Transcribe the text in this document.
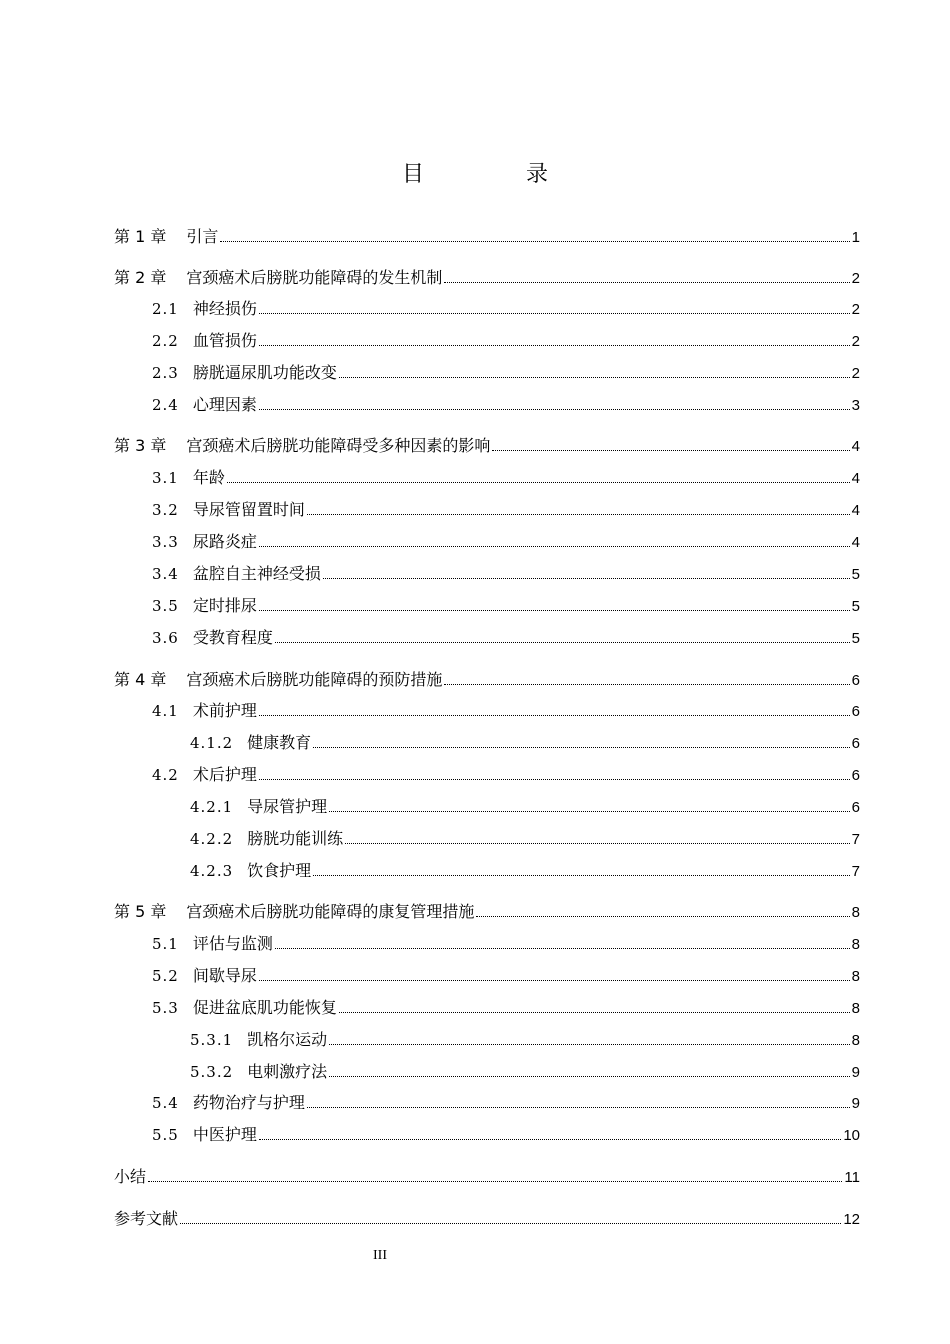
目　录
第 1 章 引言	1
第 2 章 宫颈癌术后膀胱功能障碍的发生机制	2
2.1 神经损伤	2
2.2 血管损伤	2
2.3 膀胱逼尿肌功能改变	2
2.4 心理因素	3
第 3 章 宫颈癌术后膀胱功能障碍受多种因素的影响	4
3.1 年龄	4
3.2 导尿管留置时间	4
3.3 尿路炎症	4
3.4 盆腔自主神经受损	5
3.5 定时排尿	5
3.6 受教育程度	5
第 4 章 宫颈癌术后膀胱功能障碍的预防措施	6
4.1 术前护理	6
4.1.2 健康教育	6
4.2 术后护理	6
4.2.1 导尿管护理	6
4.2.2 膀胱功能训练	7
4.2.3 饮食护理	7
第 5 章 宫颈癌术后膀胱功能障碍的康复管理措施	8
5.1 评估与监测	8
5.2 间歇导尿	8
5.3 促进盆底肌功能恢复	8
5.3.1 凯格尔运动	8
5.3.2 电刺激疗法	9
5.4 药物治疗与护理	9
5.5 中医护理	10
小结	11
参考文献	12
III
